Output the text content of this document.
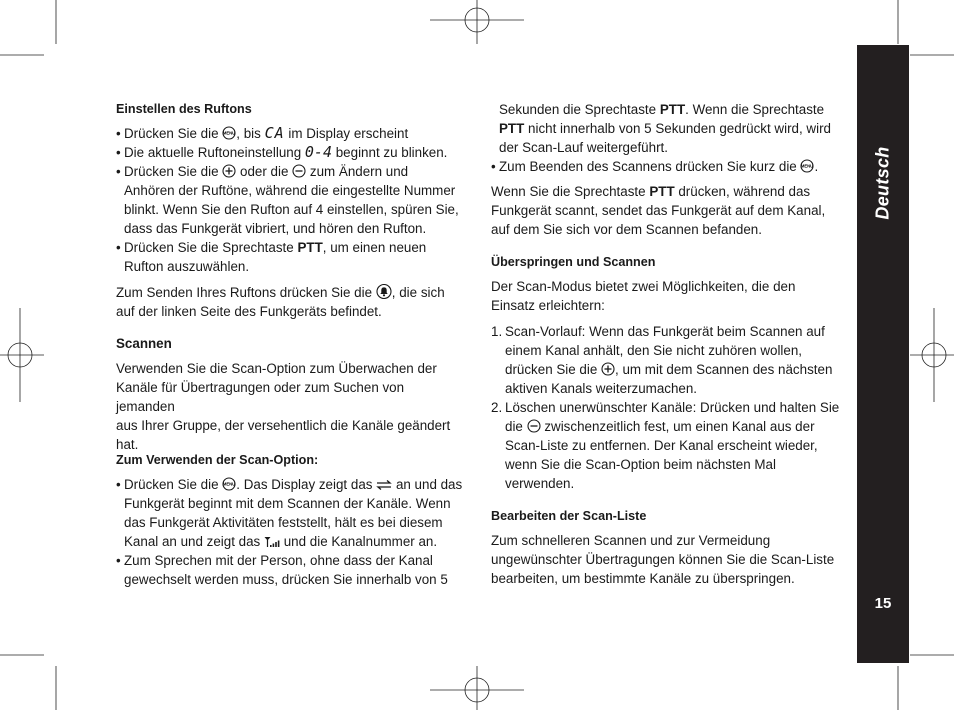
Deutsch
15
Einstellen des Ruftons
• Drücken Sie die MENU , bis CA im Display erscheint
• Die aktuelle Ruftoneinstellung 0-4 beginnt zu blinken.
• Drücken Sie die oder die zum Ändern und
Anhören der Ruftöne, während die eingestellte Nummer
blinkt. Wenn Sie den Rufton auf 4 einstellen, spüren Sie,
dass das Funkgerät vibriert, und hören den Rufton.
• Drücken Sie die Sprechtaste PTT, um einen neuen
Rufton auszuwählen.
Zum Senden Ihres Ruftons drücken Sie die , die sich
auf der linken Seite des Funkgeräts befindet.
Scannen
Verwenden Sie die Scan-Option zum Überwachen der
Kanäle für Übertragungen oder zum Suchen von jemanden
aus Ihrer Gruppe, der versehentlich die Kanäle geändert
hat.
Zum Verwenden der Scan-Option:
• Drücken Sie die MENU . Das Display zeigt das an und das
Funkgerät beginnt mit dem Scannen der Kanäle. Wenn
das Funkgerät Aktivitäten feststellt, hält es bei diesem
Kanal an und zeigt das und die Kanalnummer an.
• Zum Sprechen mit der Person, ohne dass der Kanal
gewechselt werden muss, drücken Sie innerhalb von 5
Sekunden die Sprechtaste PTT. Wenn die Sprechtaste
PTT nicht innerhalb von 5 Sekunden gedrückt wird, wird
der Scan-Lauf weitergeführt.
• Zum Beenden des Scannens drücken Sie kurz die MENU .
Wenn Sie die Sprechtaste PTT drücken, während das
Funkgerät scannt, sendet das Funkgerät auf dem Kanal,
auf dem Sie sich vor dem Scannen befanden.
Überspringen und Scannen
Der Scan-Modus bietet zwei Möglichkeiten, die den
Einsatz erleichtern:
1. Scan-Vorlauf: Wenn das Funkgerät beim Scannen auf
einem Kanal anhält, den Sie nicht zuhören wollen,
drücken Sie die , um mit dem Scannen des nächsten
aktiven Kanals weiterzumachen.
2. Löschen unerwünschter Kanäle: Drücken und halten Sie
die zwischenzeitlich fest, um einen Kanal aus der
Scan-Liste zu entfernen. Der Kanal erscheint wieder,
wenn Sie die Scan-Option beim nächsten Mal
verwenden.
Bearbeiten der Scan-Liste
Zum schnelleren Scannen und zur Vermeidung
ungewünschter Übertragungen können Sie die Scan-Liste
bearbeiten, um bestimmte Kanäle zu überspringen.
